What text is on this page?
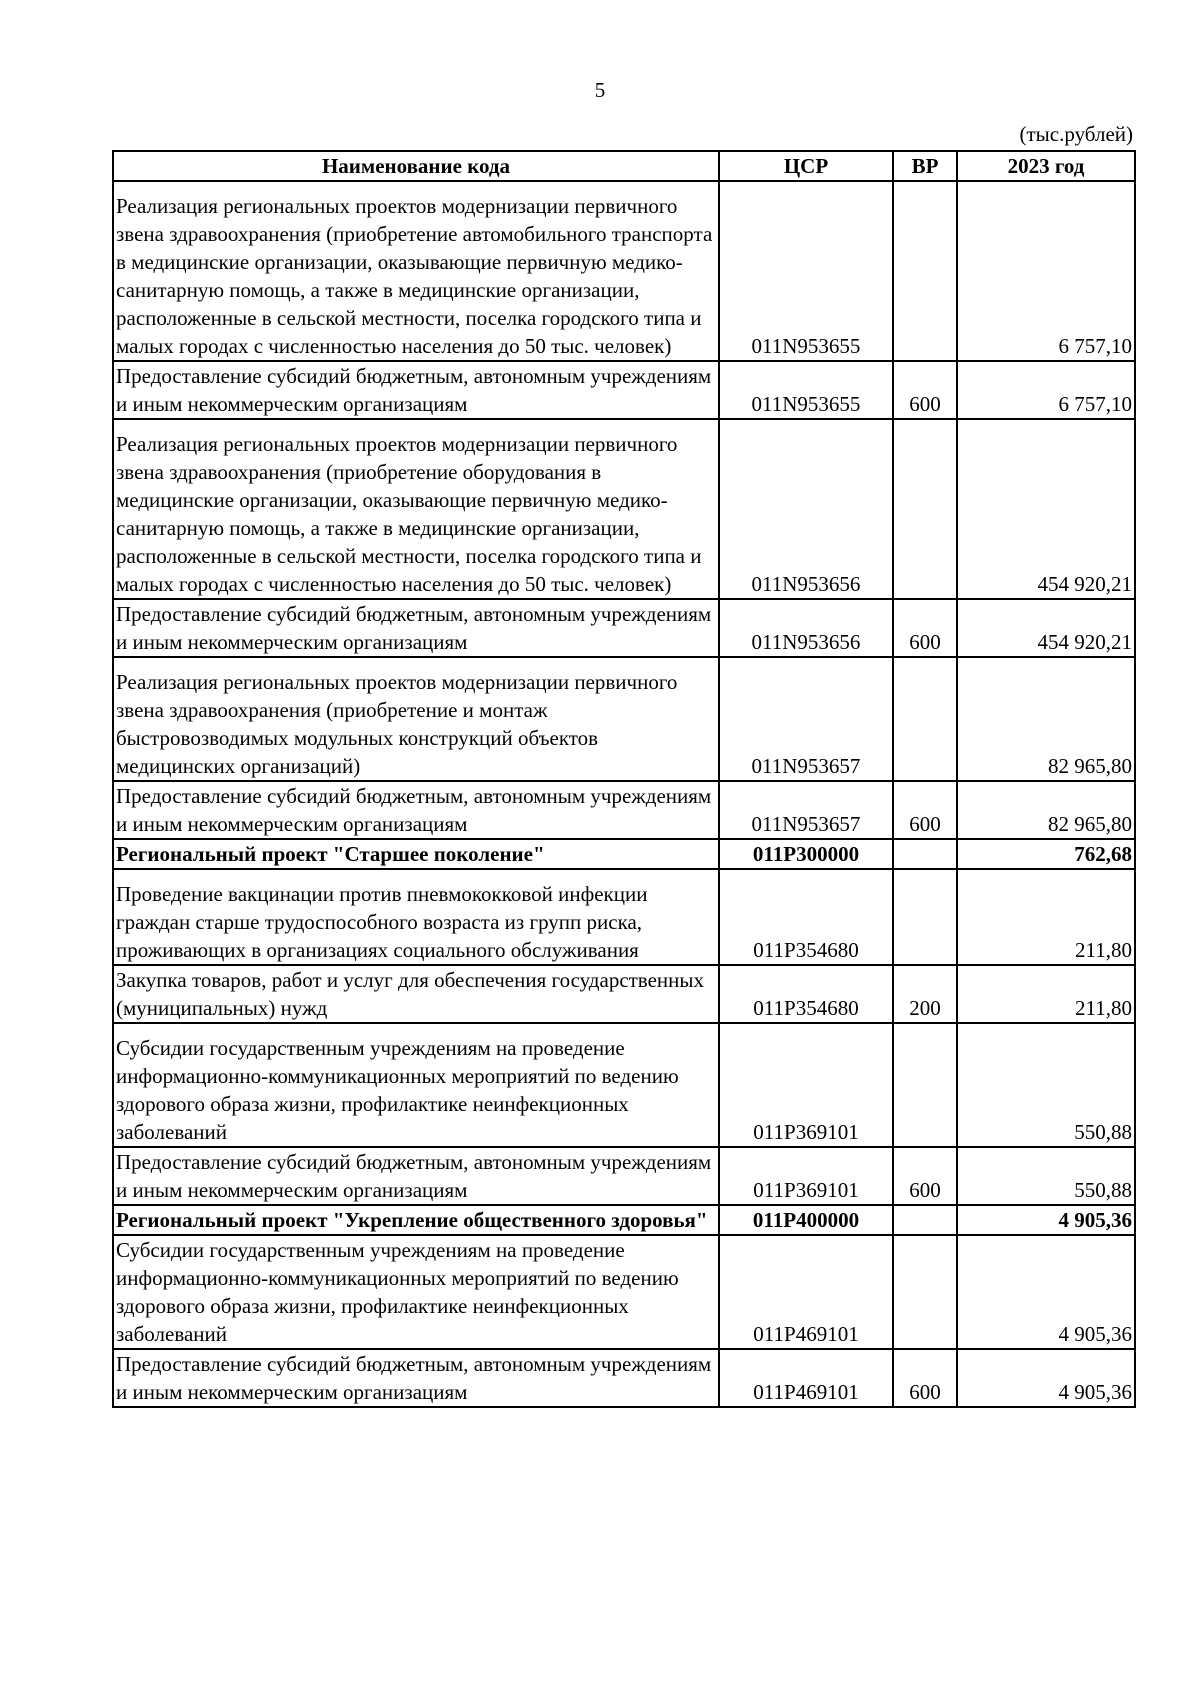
5
(тыс.рублей)
Наименование кода	ЦСР	ВР	2023 год
Реализация региональных проектов модернизации первичного звена здравоохранения (приобретение автомобильного транспорта в медицинские организации, оказывающие первичную медико-санитарную помощь, а также в медицинские организации, расположенные в сельской местности, поселка городского типа и малых городах с численностью населения до 50 тыс. человек)	011N953655		6 757,10
Предоставление субсидий бюджетным, автономным учреждениям и иным некоммерческим организациям	011N953655	600	6 757,10
Реализация региональных проектов модернизации первичного звена здравоохранения (приобретение оборудования в медицинские организации, оказывающие первичную медико-санитарную помощь, а также в медицинские организации, расположенные в сельской местности, поселка городского типа и малых городах с численностью населения до 50 тыс. человек)	011N953656		454 920,21
Предоставление субсидий бюджетным, автономным учреждениям и иным некоммерческим организациям	011N953656	600	454 920,21
Реализация региональных проектов модернизации первичного звена здравоохранения (приобретение и монтаж быстровозводимых модульных конструкций объектов медицинских организаций)	011N953657		82 965,80
Предоставление субсидий бюджетным, автономным учреждениям и иным некоммерческим организациям	011N953657	600	82 965,80
Региональный проект "Старшее поколение"	011P300000		762,68
Проведение вакцинации против пневмококковой инфекции граждан старше трудоспособного возраста из групп риска, проживающих в организациях социального обслуживания	011P354680		211,80
Закупка товаров, работ и услуг для обеспечения государственных (муниципальных) нужд	011P354680	200	211,80
Субсидии государственным учреждениям на проведение информационно-коммуникационных мероприятий по ведению здорового образа жизни, профилактике неинфекционных заболеваний	011P369101		550,88
Предоставление субсидий бюджетным, автономным учреждениям и иным некоммерческим организациям	011P369101	600	550,88
Региональный проект "Укрепление общественного здоровья"	011P400000		4 905,36
Субсидии государственным учреждениям на проведение информационно-коммуникационных мероприятий по ведению здорового образа жизни, профилактике неинфекционных заболеваний	011P469101		4 905,36
Предоставление субсидий бюджетным, автономным учреждениям и иным некоммерческим организациям	011P469101	600	4 905,36
